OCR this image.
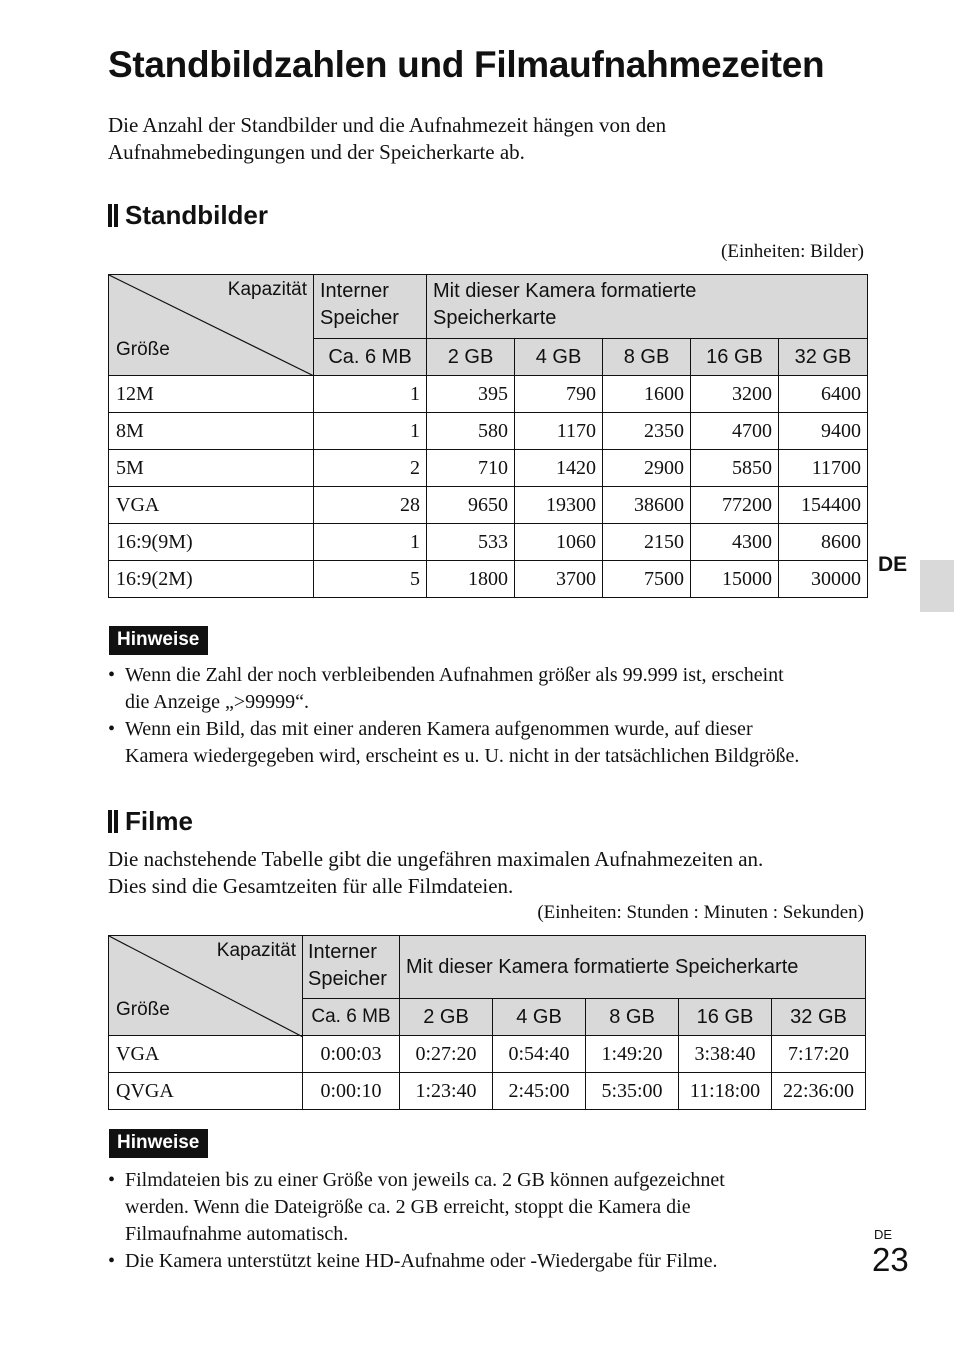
Standbildzahlen und Filmaufnahmezeiten

Die Anzahl der Standbilder und die Aufnahmezeit hängen von den
Aufnahmebedingungen und der Speicherkarte ab.

Standbilder
(Einheiten: Bilder)
Kapazität
Größe	Interner
Speicher	Mit dieser Kamera formatierte
Speicherkarte				
	Ca. 6 MB	2 GB	4 GB	8 GB	16 GB	32 GB
12M	1	395	790	1600	3200	6400
8M	1	580	1170	2350	4700	9400
5M	2	710	1420	2900	5850	11700
VGA	28	9650	19300	38600	77200	154400
16:9(9M)	1	533	1060	2150	4300	8600
16:9(2M)	5	1800	3700	7500	15000	30000
Hinweise
• Wenn die Zahl der noch verbleibenden Aufnahmen größer als 99.999 ist, erscheint
die Anzeige „>99999“.
• Wenn ein Bild, das mit einer anderen Kamera aufgenommen wurde, auf dieser
Kamera wiedergegeben wird, erscheint es u. U. nicht in der tatsächlichen Bildgröße.
Filme

Die nachstehende Tabelle gibt die ungefähren maximalen Aufnahmezeiten an.
Dies sind die Gesamtzeiten für alle Filmdateien.

(Einheiten: Stunden : Minuten : Sekunden)
Kapazität
Größe	Interner
Speicher	Mit dieser Kamera formatierte Speicherkarte				
	Ca. 6 MB	2 GB	4 GB	8 GB	16 GB	32 GB
VGA	0:00:03	0:27:20	0:54:40	1:49:20	3:38:40	7:17:20
QVGA	0:00:10	1:23:40	2:45:00	5:35:00	11:18:00	22:36:00
Hinweise
• Filmdateien bis zu einer Größe von jeweils ca. 2 GB können aufgezeichnet
werden. Wenn die Dateigröße ca. 2 GB erreicht, stoppt die Kamera die
Filmaufnahme automatisch.
• Die Kamera unterstützt keine HD-Aufnahme oder -Wiedergabe für Filme.
DE
DE
23
